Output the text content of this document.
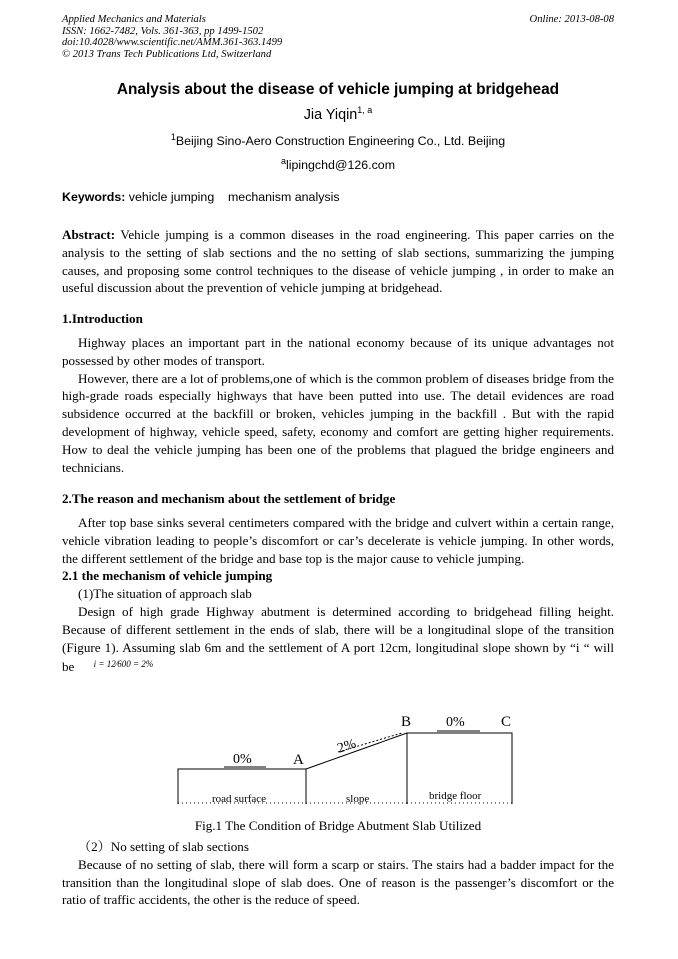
Applied Mechanics and Materials
ISSN: 1662-7482, Vols. 361-363, pp 1499-1502
doi:10.4028/www.scientific.net/AMM.361-363.1499
© 2013 Trans Tech Publications Ltd, Switzerland
Online: 2013-08-08
Analysis about the disease of vehicle jumping at bridgehead
Jia Yiqin$^{1, a}$
$^1$Beijing Sino-Aero Construction Engineering Co., Ltd. Beijing
$^a$lipingchd@126.com
Keywords: vehicle jumping    mechanism analysis

Abstract: Vehicle jumping is a common diseases in the road engineering. This paper carries on the analysis to the setting of slab sections and the no setting of slab sections, summarizing the jumping causes, and proposing some control techniques to the disease of vehicle jumping , in order to make an useful discussion about the prevention of vehicle jumping at bridgehead.

1.Introduction

Highway places an important part in the national economy because of its unique advantages not possessed by other modes of transport.

However, there are a lot of problems,one of which is the common problem of diseases bridge from the high-grade roads especially highways that have been putted into use. The detail evidences are road subsidence occurred at the backfill or broken, vehicles jumping in the backfill . But with the rapid development of highway, vehicle speed, safety, economy and comfort are getting higher requirements. How to deal the vehicle jumping has been one of the problems that plagued the bridge engineers and technicians.

2.The reason and mechanism about the settlement of bridge

After top base sinks several centimeters compared with the bridge and culvert within a certain range, vehicle vibration leading to people’s discomfort or car’s decelerate is vehicle jumping. In other words, the different settlement of the bridge and base top is the major cause to vehicle jumping.

2.1 the mechanism of vehicle jumping

(1)The situation of approach slab

Design of high grade Highway abutment is determined according to bridgehead filling height. Because of different settlement in the ends of slab, there will be a longitudinal slope of the transition (Figure 1). Assuming slab 6m and the settlement of A port 12cm, longitudinal slope shown by “i “ will be i = 12⁄600 = 2%

B	C
A
0%
0%
2%
road surface	slope	bridge floor
Fig.1 The Condition of Bridge Abutment Slab Utilized

（2）No setting of slab sections

Because of no setting of slab, there will form a scarp or stairs. The stairs had a badder impact for the transition than the longitudinal slope of slab does. One of reason is the passenger’s discomfort or the ratio of traffic accidents, the other is the reduce of speed.
